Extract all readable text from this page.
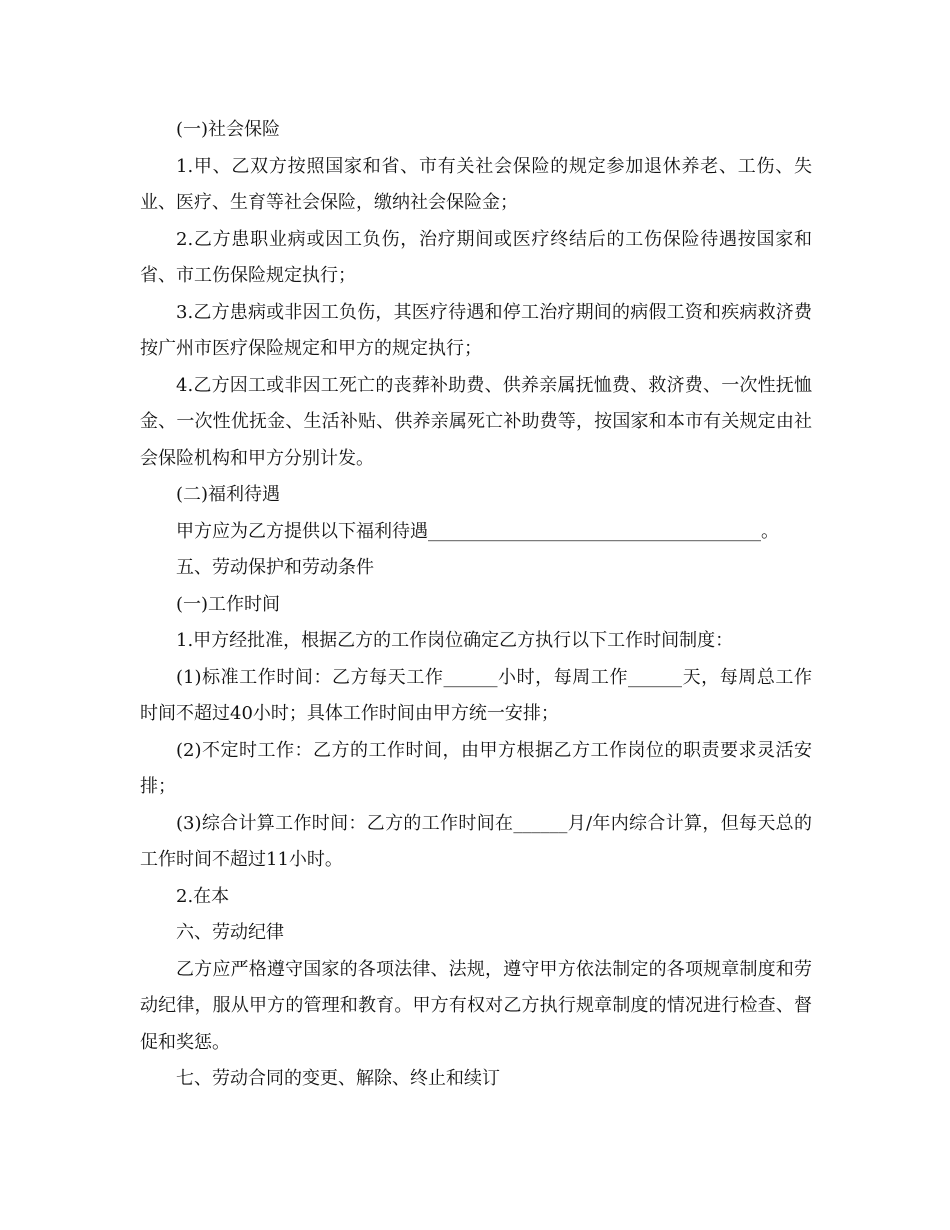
(一)社会保险

1.甲、乙双方按照国家和省、市有关社会保险的规定参加退休养老、工伤、失业、医疗、生育等社会保险，缴纳社会保险金；

2.乙方患职业病或因工负伤，治疗期间或医疗终结后的工伤保险待遇按国家和省、市工伤保险规定执行；

3.乙方患病或非因工负伤，其医疗待遇和停工治疗期间的病假工资和疾病救济费按广州市医疗保险规定和甲方的规定执行；

4.乙方因工或非因工死亡的丧葬补助费、供养亲属抚恤费、救济费、一次性抚恤金、一次性优抚金、生活补贴、供养亲属死亡补助费等，按国家和本市有关规定由社会保险机构和甲方分别计发。

(二)福利待遇

甲方应为乙方提供以下福利待遇_____________________________________。

五、劳动保护和劳动条件

(一)工作时间

1.甲方经批准，根据乙方的工作岗位确定乙方执行以下工作时间制度：

(1)标准工作时间：乙方每天工作______小时，每周工作______天，每周总工作时间不超过40小时；具体工作时间由甲方统一安排；

(2)不定时工作：乙方的工作时间，由甲方根据乙方工作岗位的职责要求灵活安排；

(3)综合计算工作时间：乙方的工作时间在______月/年内综合计算，但每天总的工作时间不超过11小时。

2.在本

六、劳动纪律

乙方应严格遵守国家的各项法律、法规，遵守甲方依法制定的各项规章制度和劳动纪律，服从甲方的管理和教育。甲方有权对乙方执行规章制度的情况进行检查、督促和奖惩。

七、劳动合同的变更、解除、终止和续订
